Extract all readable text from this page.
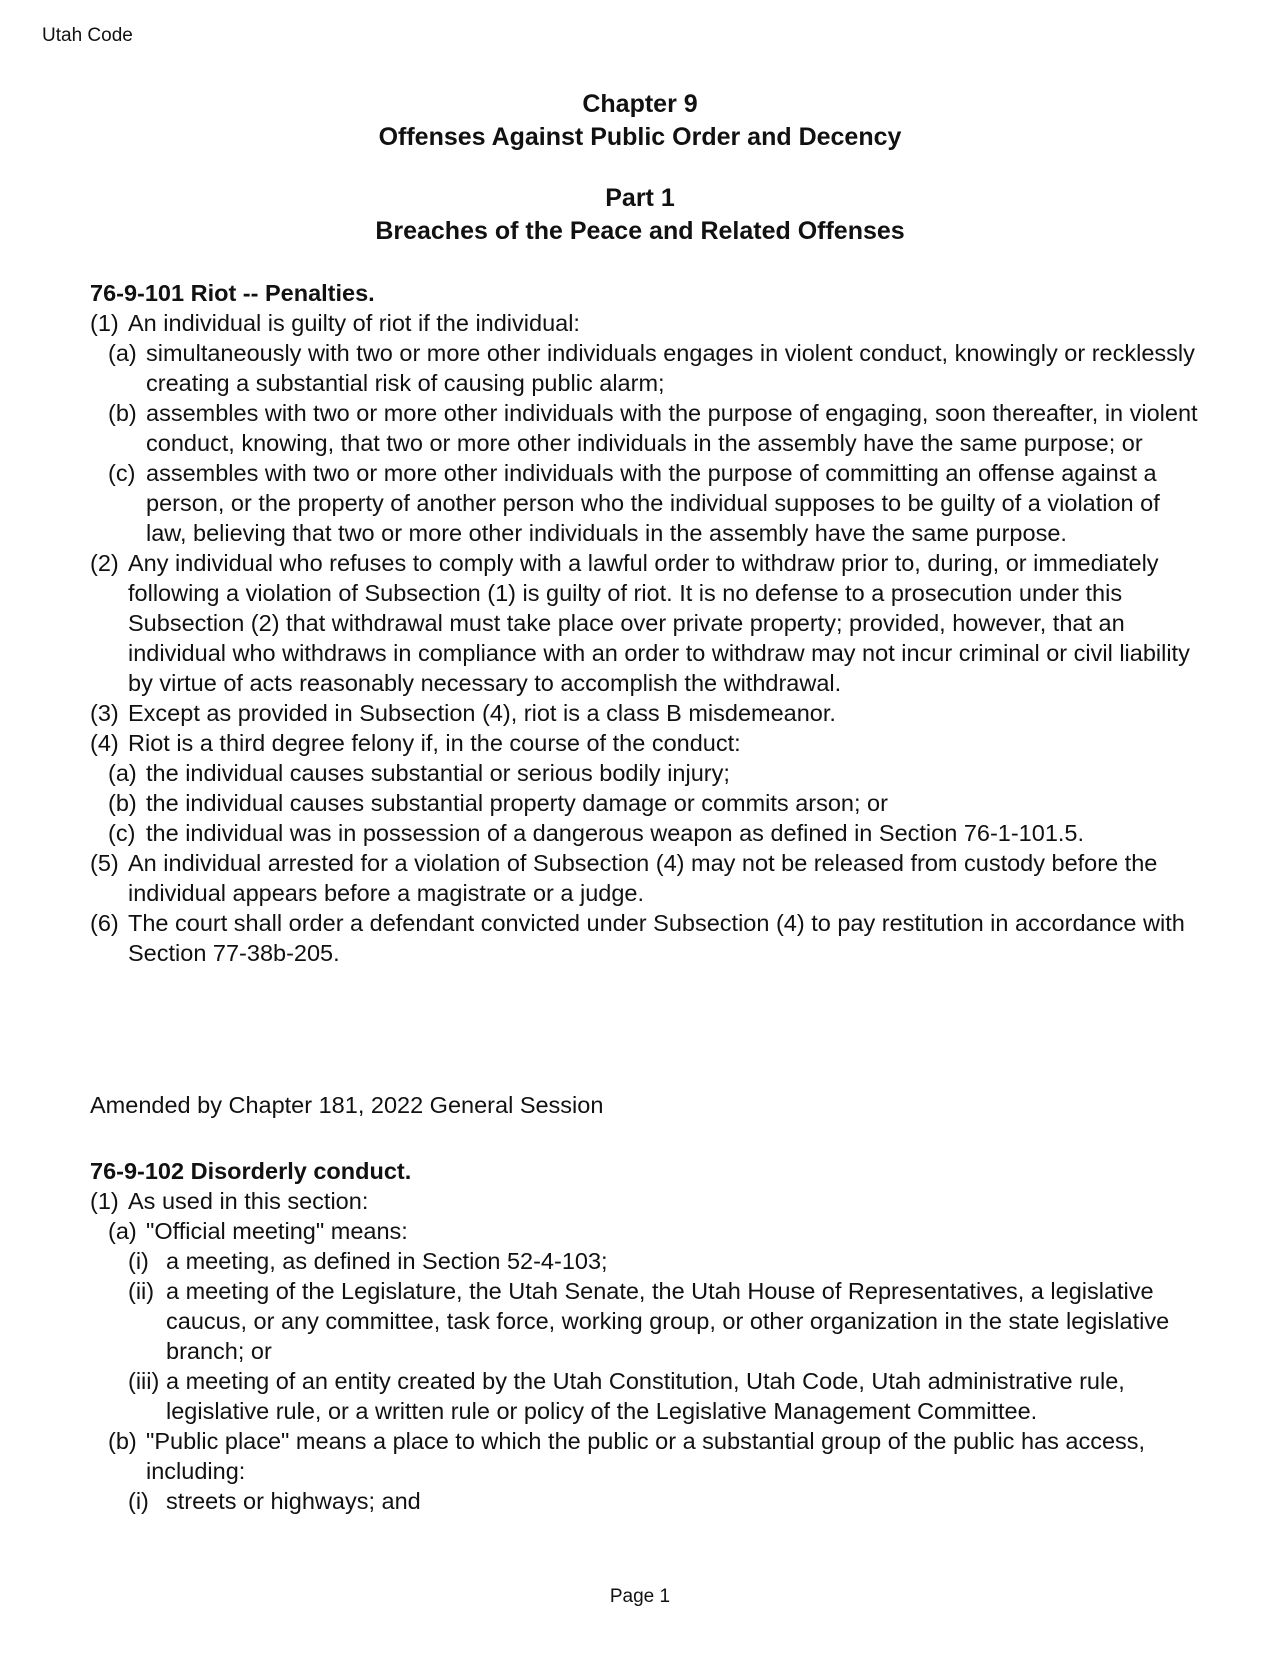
Utah Code
Chapter 9
Offenses Against Public Order and Decency
Part 1
Breaches of the Peace and Related Offenses
76-9-101 Riot -- Penalties.
(1) An individual is guilty of riot if the individual:
(a) simultaneously with two or more other individuals engages in violent conduct, knowingly or recklessly creating a substantial risk of causing public alarm;
(b) assembles with two or more other individuals with the purpose of engaging, soon thereafter, in violent conduct, knowing, that two or more other individuals in the assembly have the same purpose; or
(c) assembles with two or more other individuals with the purpose of committing an offense against a person, or the property of another person who the individual supposes to be guilty of a violation of law, believing that two or more other individuals in the assembly have the same purpose.
(2) Any individual who refuses to comply with a lawful order to withdraw prior to, during, or immediately following a violation of Subsection (1) is guilty of riot. It is no defense to a prosecution under this Subsection (2) that withdrawal must take place over private property; provided, however, that an individual who withdraws in compliance with an order to withdraw may not incur criminal or civil liability by virtue of acts reasonably necessary to accomplish the withdrawal.
(3) Except as provided in Subsection (4), riot is a class B misdemeanor.
(4) Riot is a third degree felony if, in the course of the conduct:
(a) the individual causes substantial or serious bodily injury;
(b) the individual causes substantial property damage or commits arson; or
(c) the individual was in possession of a dangerous weapon as defined in Section 76-1-101.5.
(5) An individual arrested for a violation of Subsection (4) may not be released from custody before the individual appears before a magistrate or a judge.
(6) The court shall order a defendant convicted under Subsection (4) to pay restitution in accordance with Section 77-38b-205.
Amended by Chapter 181, 2022 General Session
76-9-102 Disorderly conduct.
(1) As used in this section:
(a) "Official meeting" means:
(i) a meeting, as defined in Section 52-4-103;
(ii) a meeting of the Legislature, the Utah Senate, the Utah House of Representatives, a legislative caucus, or any committee, task force, working group, or other organization in the state legislative branch; or
(iii) a meeting of an entity created by the Utah Constitution, Utah Code, Utah administrative rule, legislative rule, or a written rule or policy of the Legislative Management Committee.
(b) "Public place" means a place to which the public or a substantial group of the public has access, including:
(i) streets or highways; and
Page 1
